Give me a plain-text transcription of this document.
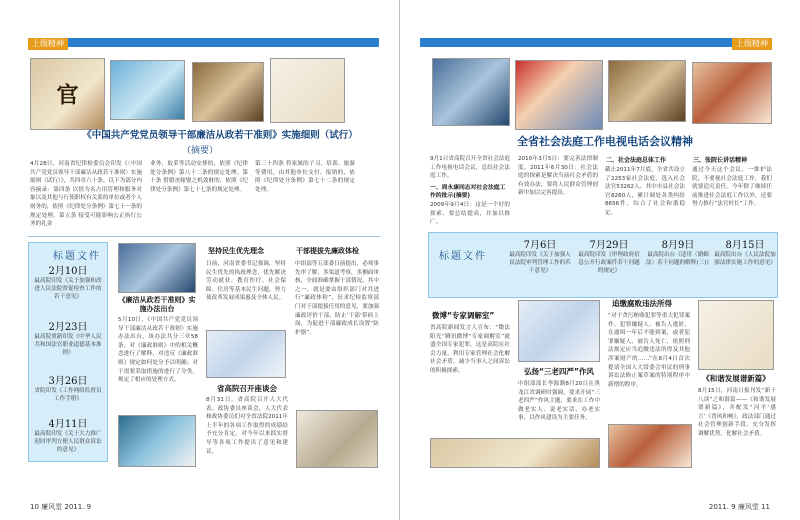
上级精神
官
《中国共产党党员领导干部廉洁从政若干准则》实施细则（试行）
（摘要）
4月28日，河南省纪律检委员会印发《〈中国共产党党员领导干部廉洁从政若干准则〉实施细则（试行）》，共四章六十条。以下为部分内容摘录：第四条 以情为名占用管理和服务对象以及其他与行使职权有关系的单位或者个人财务的，依照《纪律处分条例》第七十一条的规定处理。第五条 接受可能影响公正执行公务的礼金
业务，取采等活动安排的，依照《纪律处分条例》第八十二条的规定处理。第十条 借婚丧嫁娶之机敛财的，依照《纪律处分条例》第七十七条的规定处理。
第三十四条 将家属的子习、培训、旅游等费用，由其他单位支付、报销的，依照《纪律处分条例》第七十二条的规定处理。
标题文件
2月10日
最高院印发《关于加强和改进人民法院督促检查工作的若干意见》
2月23日
最高院重新印发《中华人民共和国法官职业道德基本准则》
3月26日
省院印发《工作网络监督员工作手册》
4月11日
最高院印发《关于大力推广迎回审判方便人民群众诉讼的意见》
《廉洁从政若干准则》实施办法出台
5月10日，《中国共产党党员领导干部廉洁从政若干准则》实施办法出台，该办法共分三章58条。对《廉政准则》中的相关概念进行了解释，对违反《廉政准则》规定如何处分予以明确；对于需要采取措施的进行了分类，规定了相应的处理方式。
坚持民生优先理念
日前，河南省委书记强调，坚持民生优先的执政理念，优先解决劳动就业、教育医疗、社会保障、住房等基本民生问题，努力使改革发展成果惠及全体人民。
省高院召开座谈会
8月31日，省高院召开人大代表、政协委员座谈会，人大代表和政协委员们对全省法院2011年上半年的各项工作取得的成绩给予充分肯定，对今年以来抓实督导等各项工作提出了意见和建议。
干部提拔先廉政体检
中组部等五部委日前提出，必须事先审了解、多渠道考察，多侧面审核，全面准确掌握干部情况。其中之一，就是要由组织部门对其进行“廉政体检”，征求纪检监察部门对干部提拔任用的意见，要加强廉政评价干部，防止‘干部’带病上岗，为促进干部廉政成长设置“防护器”。
10 廉风堂 2011. 9
上级精神
全省社会法庭工作电视电话会议精神
9月1日省高院召开全省社会法庭工作电视电话会议，总结社会法庭工作。
一、周永康同志对社会法庭工作的批示(摘要)
2009年9月4日：这是一个好的探索，要总结提高，并加以推广。
2010年3月5日：要完善法律制度。2011年6月30日：社会法庭的探索是解决当前社会矛盾的有效办法，要将人民群众管理创新中加以完善提高。
二、社会法庭总体工作
截止2011年7月底，全省共设立了2253家社会法庭，选入社会法官53262人。其中市县社会法官8260人，累计调处各类纠纷8656件，综合了社会和谐稳定。
三、张院长讲话精神
通过今天这个会议，一维护法院，不要视社会法庭工作，我们就要追究责任。今年除了继续任前推进社会法庭工作以外，还要努力推行“法官村长”工作。
标题文件
7月6日
最高院印发《关于加强人民法院审判管理工作的若干意见》
7月29日
最高院印发《审理政府信息公开行政案件若干问题的规定》
8月9日
最高院出台《适用〈婚姻法〉若干问题的解释(三)》
8月15日
最高院出台《人民法院加强法律实施工作的意见》
微博“专家调解室”
省高院新闻发言人宣布：“微法阳光”腾讯微博“专家调解室”就盛全国专家犯罪，这是高院在社会力量，利用专家管理社会化解社会矛盾、减少当事人之间诉讼的积极探索。	弘扬“三老四严”作风
中组部部长李源潮8月20日在黑龙江省调研时强调，要求开展“三老四严”作风主题，要求在工作中做老实人、说老实话、办老实事，以作风建设为主要任务。
追缴腐败违法所得
“对于贪污贿赂犯罪等重大犯罪案件，犯罪嫌疑人、被告人逃匿，在通缉一年后不能到案，或者犯罪嫌疑人、被告人死亡，依照刑法规定应当追缴违法所得及其他涉案财产的……”在8月4日首次提请全国人大常委会审议的刑事诉讼法修正案草案的特别程序中新增的程序。
《和谐发展谱新篇》
8月15日，河南日报刊发“新十八谈”之和谐篇——《和谐发展谱新篇》，并配发“河平‘感言’《普风和畅》，政法部门通过社会管理创新手段，充分发挥调解优势，化解社会矛盾。
2011. 9 廉风堂 11
